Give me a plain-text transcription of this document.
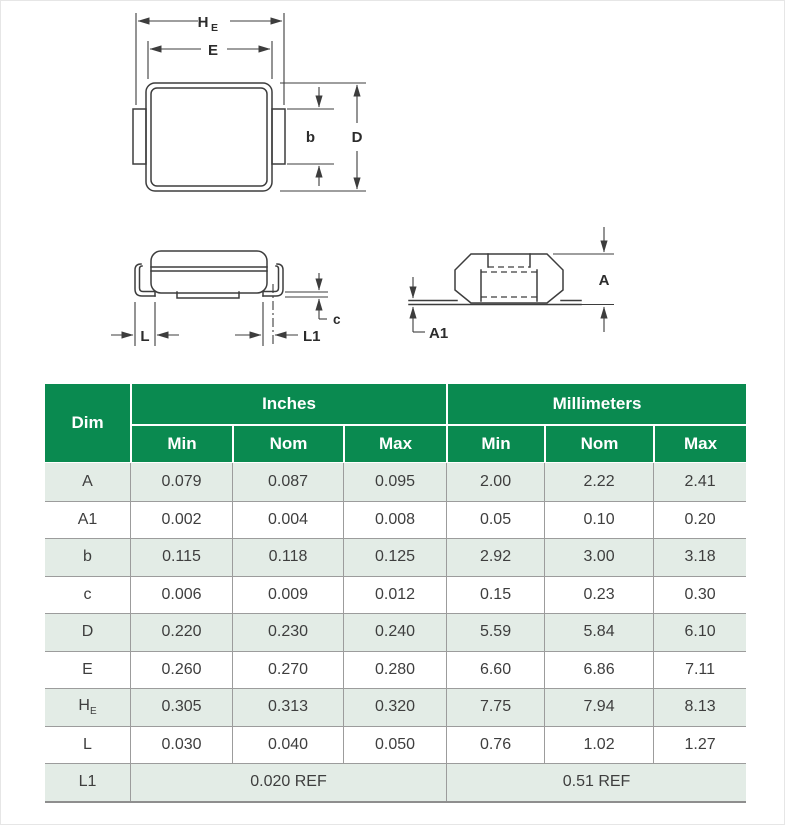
H E
E
b D
L	L1
c
A
A1
Dim	Inches			Millimeters		
	Min	Nom	Max	Min	Nom	Max
A	0.079	0.087	0.095	2.00	2.22	2.41
A1	0.002	0.004	0.008	0.05	0.10	0.20
b	0.115	0.118	0.125	2.92	3.00	3.18
c	0.006	0.009	0.012	0.15	0.23	0.30
D	0.220	0.230	0.240	5.59	5.84	6.10
E	0.260	0.270	0.280	6.60	6.86	7.11
$H_E$	0.305	0.313	0.320	7.75	7.94	8.13
L	0.030	0.040	0.050	0.76	1.02	1.27
L1	0.020 REF			0.51 REF		
